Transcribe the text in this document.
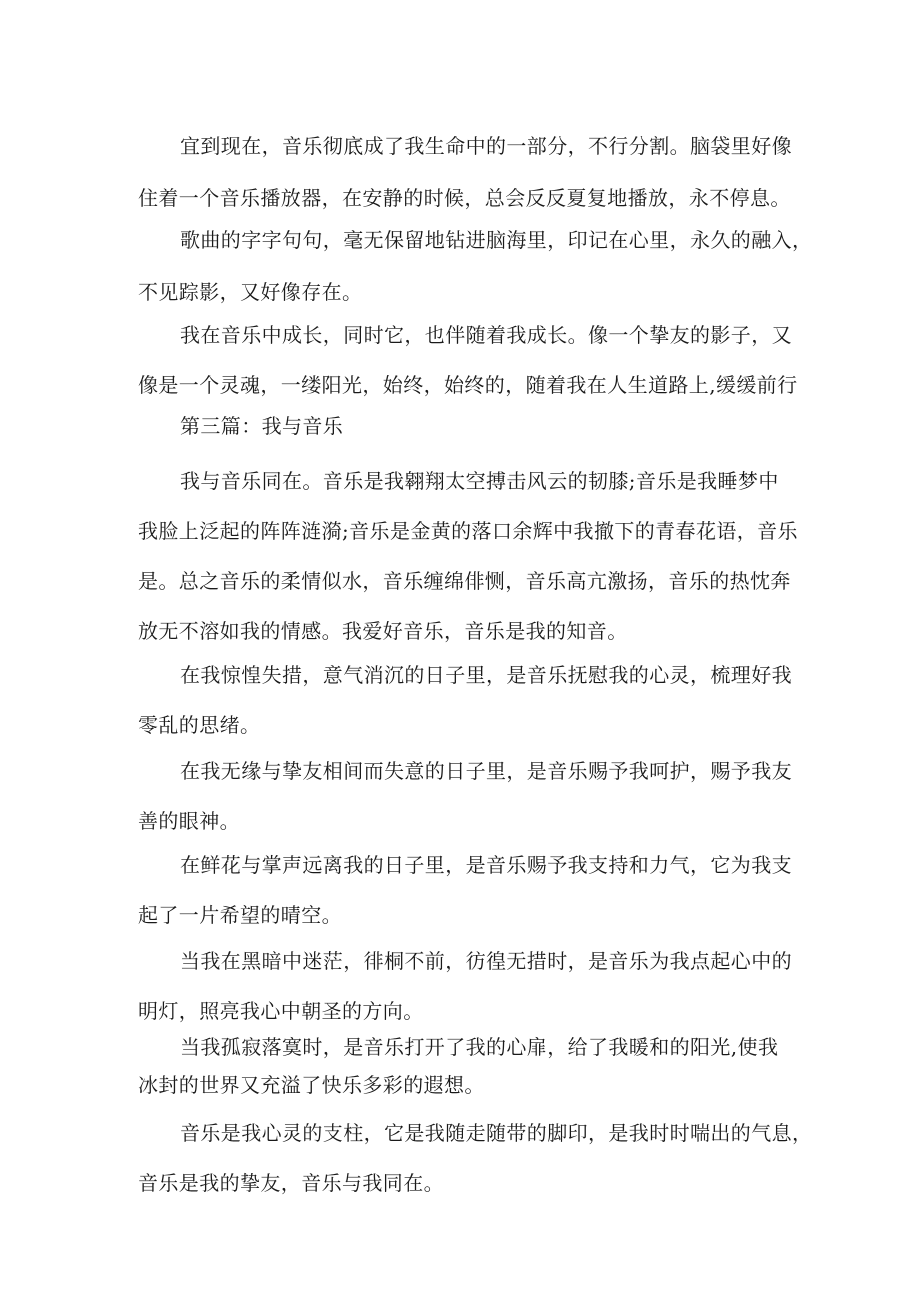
宜到现在，音乐彻底成了我生命中的一部分，不行分割。脑袋里好像
住着一个音乐播放器，在安静的时候，总会反反夏复地播放，永不停息。

歌曲的字字句句，毫无保留地钻进脑海里，印记在心里，永久的融入，
不见踪影，又好像存在。

我在音乐中成长，同时它，也伴随着我成长。像一个挚友的影子，又
像是一个灵魂，一缕阳光，始终，始终的，随着我在人生道路上,缓缓前行

第三篇：我与音乐

我与音乐同在。音乐是我翱翔太空搏击风云的韧膝;音乐是我睡梦中
我脸上泛起的阵阵涟漪;音乐是金黄的落口余辉中我撤下的青春花语，音乐
是。总之音乐的柔情似水，音乐缠绵俳恻，音乐高亢激扬，音乐的热忱奔
放无不溶如我的情感。我爱好音乐，音乐是我的知音。

在我惊惶失措，意气消沉的日子里，是音乐抚慰我的心灵，梳理好我
零乱的思绪。

在我无缘与挚友相间而失意的日子里，是音乐赐予我呵护，赐予我友
善的眼神。

在鲜花与掌声远离我的日子里，是音乐赐予我支持和力气，它为我支
起了一片希望的晴空。

当我在黑暗中迷茫，徘桐不前，彷徨无措时，是音乐为我点起心中的
明灯，照亮我心中朝圣的方向。

当我孤寂落寞时，是音乐打开了我的心扉，给了我暖和的阳光,使我
冰封的世界又充溢了快乐多彩的遐想。

音乐是我心灵的支柱，它是我随走随带的脚印，是我时时喘出的气息，
音乐是我的挚友，音乐与我同在。
